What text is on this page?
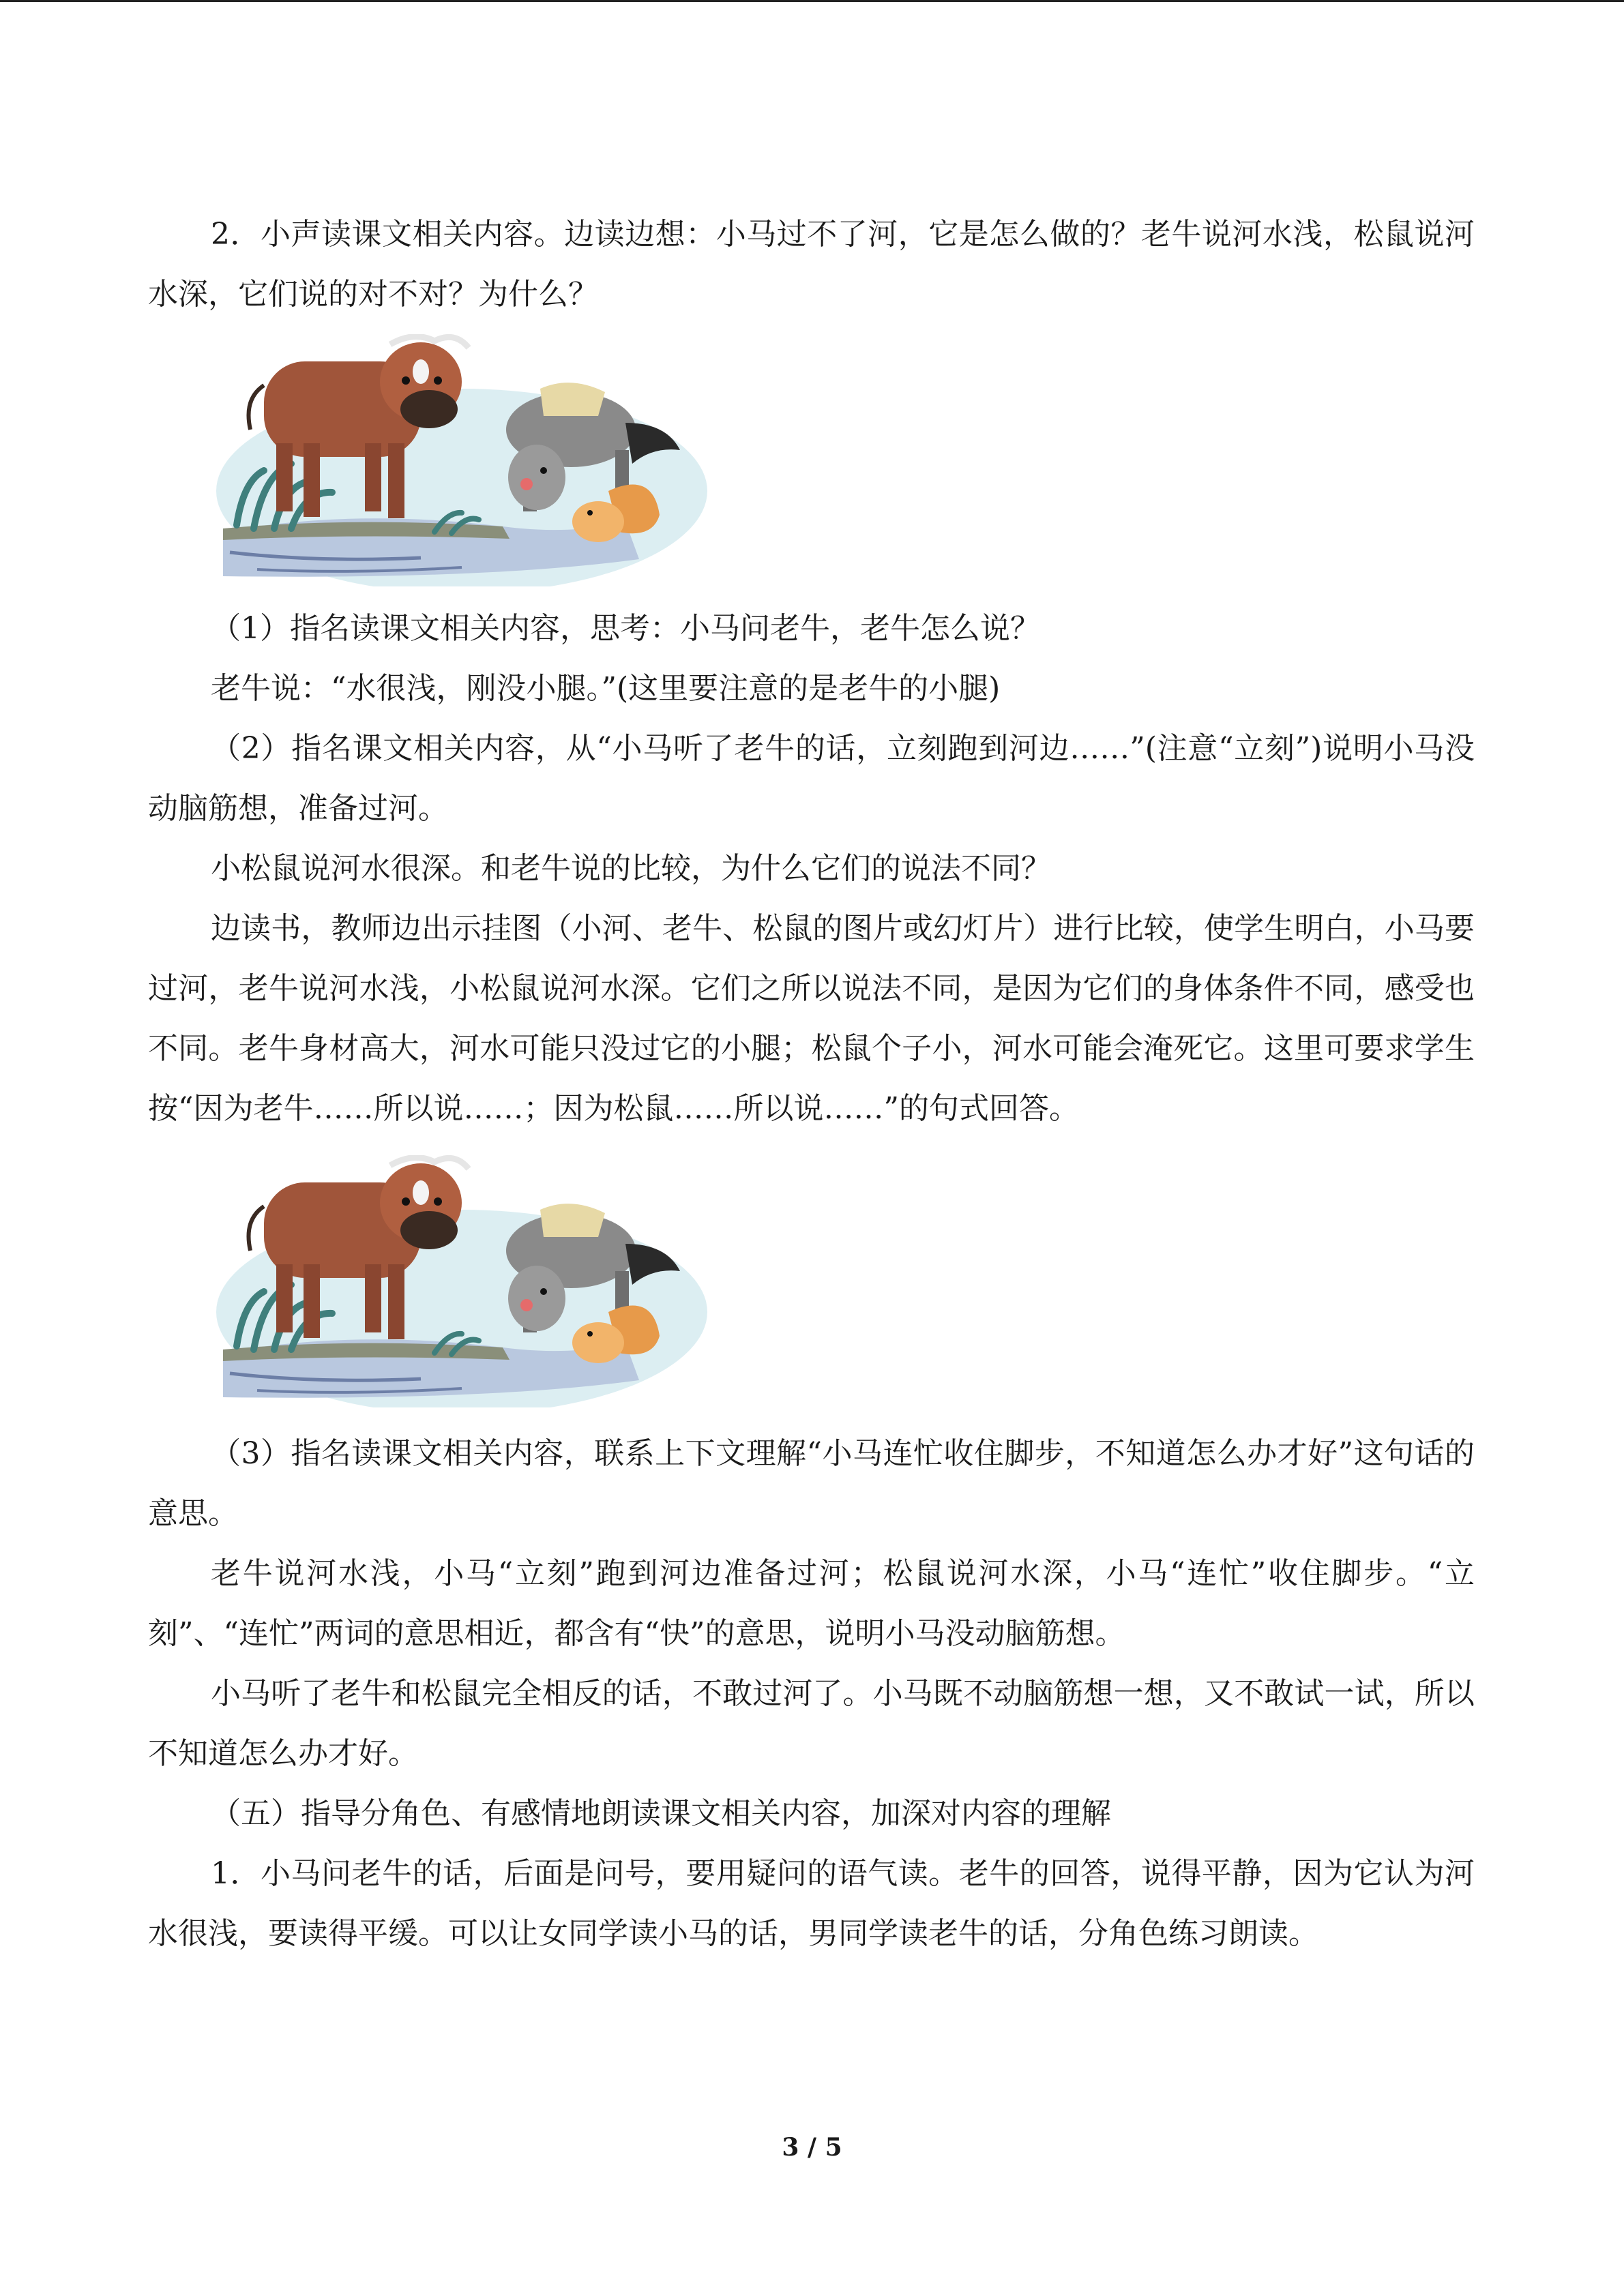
2．小声读课文相关内容。边读边想：小马过不了河，它是怎么做的？老牛说河水浅，松鼠说河水深，它们说的对不对？为什么？

（1）指名读课文相关内容，思考：小马问老牛，老牛怎么说？

老牛说：“水很浅，刚没小腿。”(这里要注意的是老牛的小腿)

（2）指名课文相关内容，从“小马听了老牛的话，立刻跑到河边……”(注意“立刻”)说明小马没动脑筋想，准备过河。

小松鼠说河水很深。和老牛说的比较，为什么它们的说法不同？

边读书，教师边出示挂图（小河、老牛、松鼠的图片或幻灯片）进行比较，使学生明白，小马要过河，老牛说河水浅，小松鼠说河水深。它们之所以说法不同，是因为它们的身体条件不同，感受也不同。老牛身材高大，河水可能只没过它的小腿；松鼠个子小，河水可能会淹死它。这里可要求学生按“因为老牛……所以说……；因为松鼠……所以说……”的句式回答。

（3）指名读课文相关内容，联系上下文理解“小马连忙收住脚步，不知道怎么办才好”这句话的意思。

老牛说河水浅，小马“立刻”跑到河边准备过河；松鼠说河水深，小马“连忙”收住脚步。“立刻”、“连忙”两词的意思相近，都含有“快”的意思，说明小马没动脑筋想。

小马听了老牛和松鼠完全相反的话，不敢过河了。小马既不动脑筋想一想，又不敢试一试，所以不知道怎么办才好。

（五）指导分角色、有感情地朗读课文相关内容，加深对内容的理解

1．小马问老牛的话，后面是问号，要用疑问的语气读。老牛的回答，说得平静，因为它认为河水很浅，要读得平缓。可以让女同学读小马的话，男同学读老牛的话，分角色练习朗读。

3 / 5
